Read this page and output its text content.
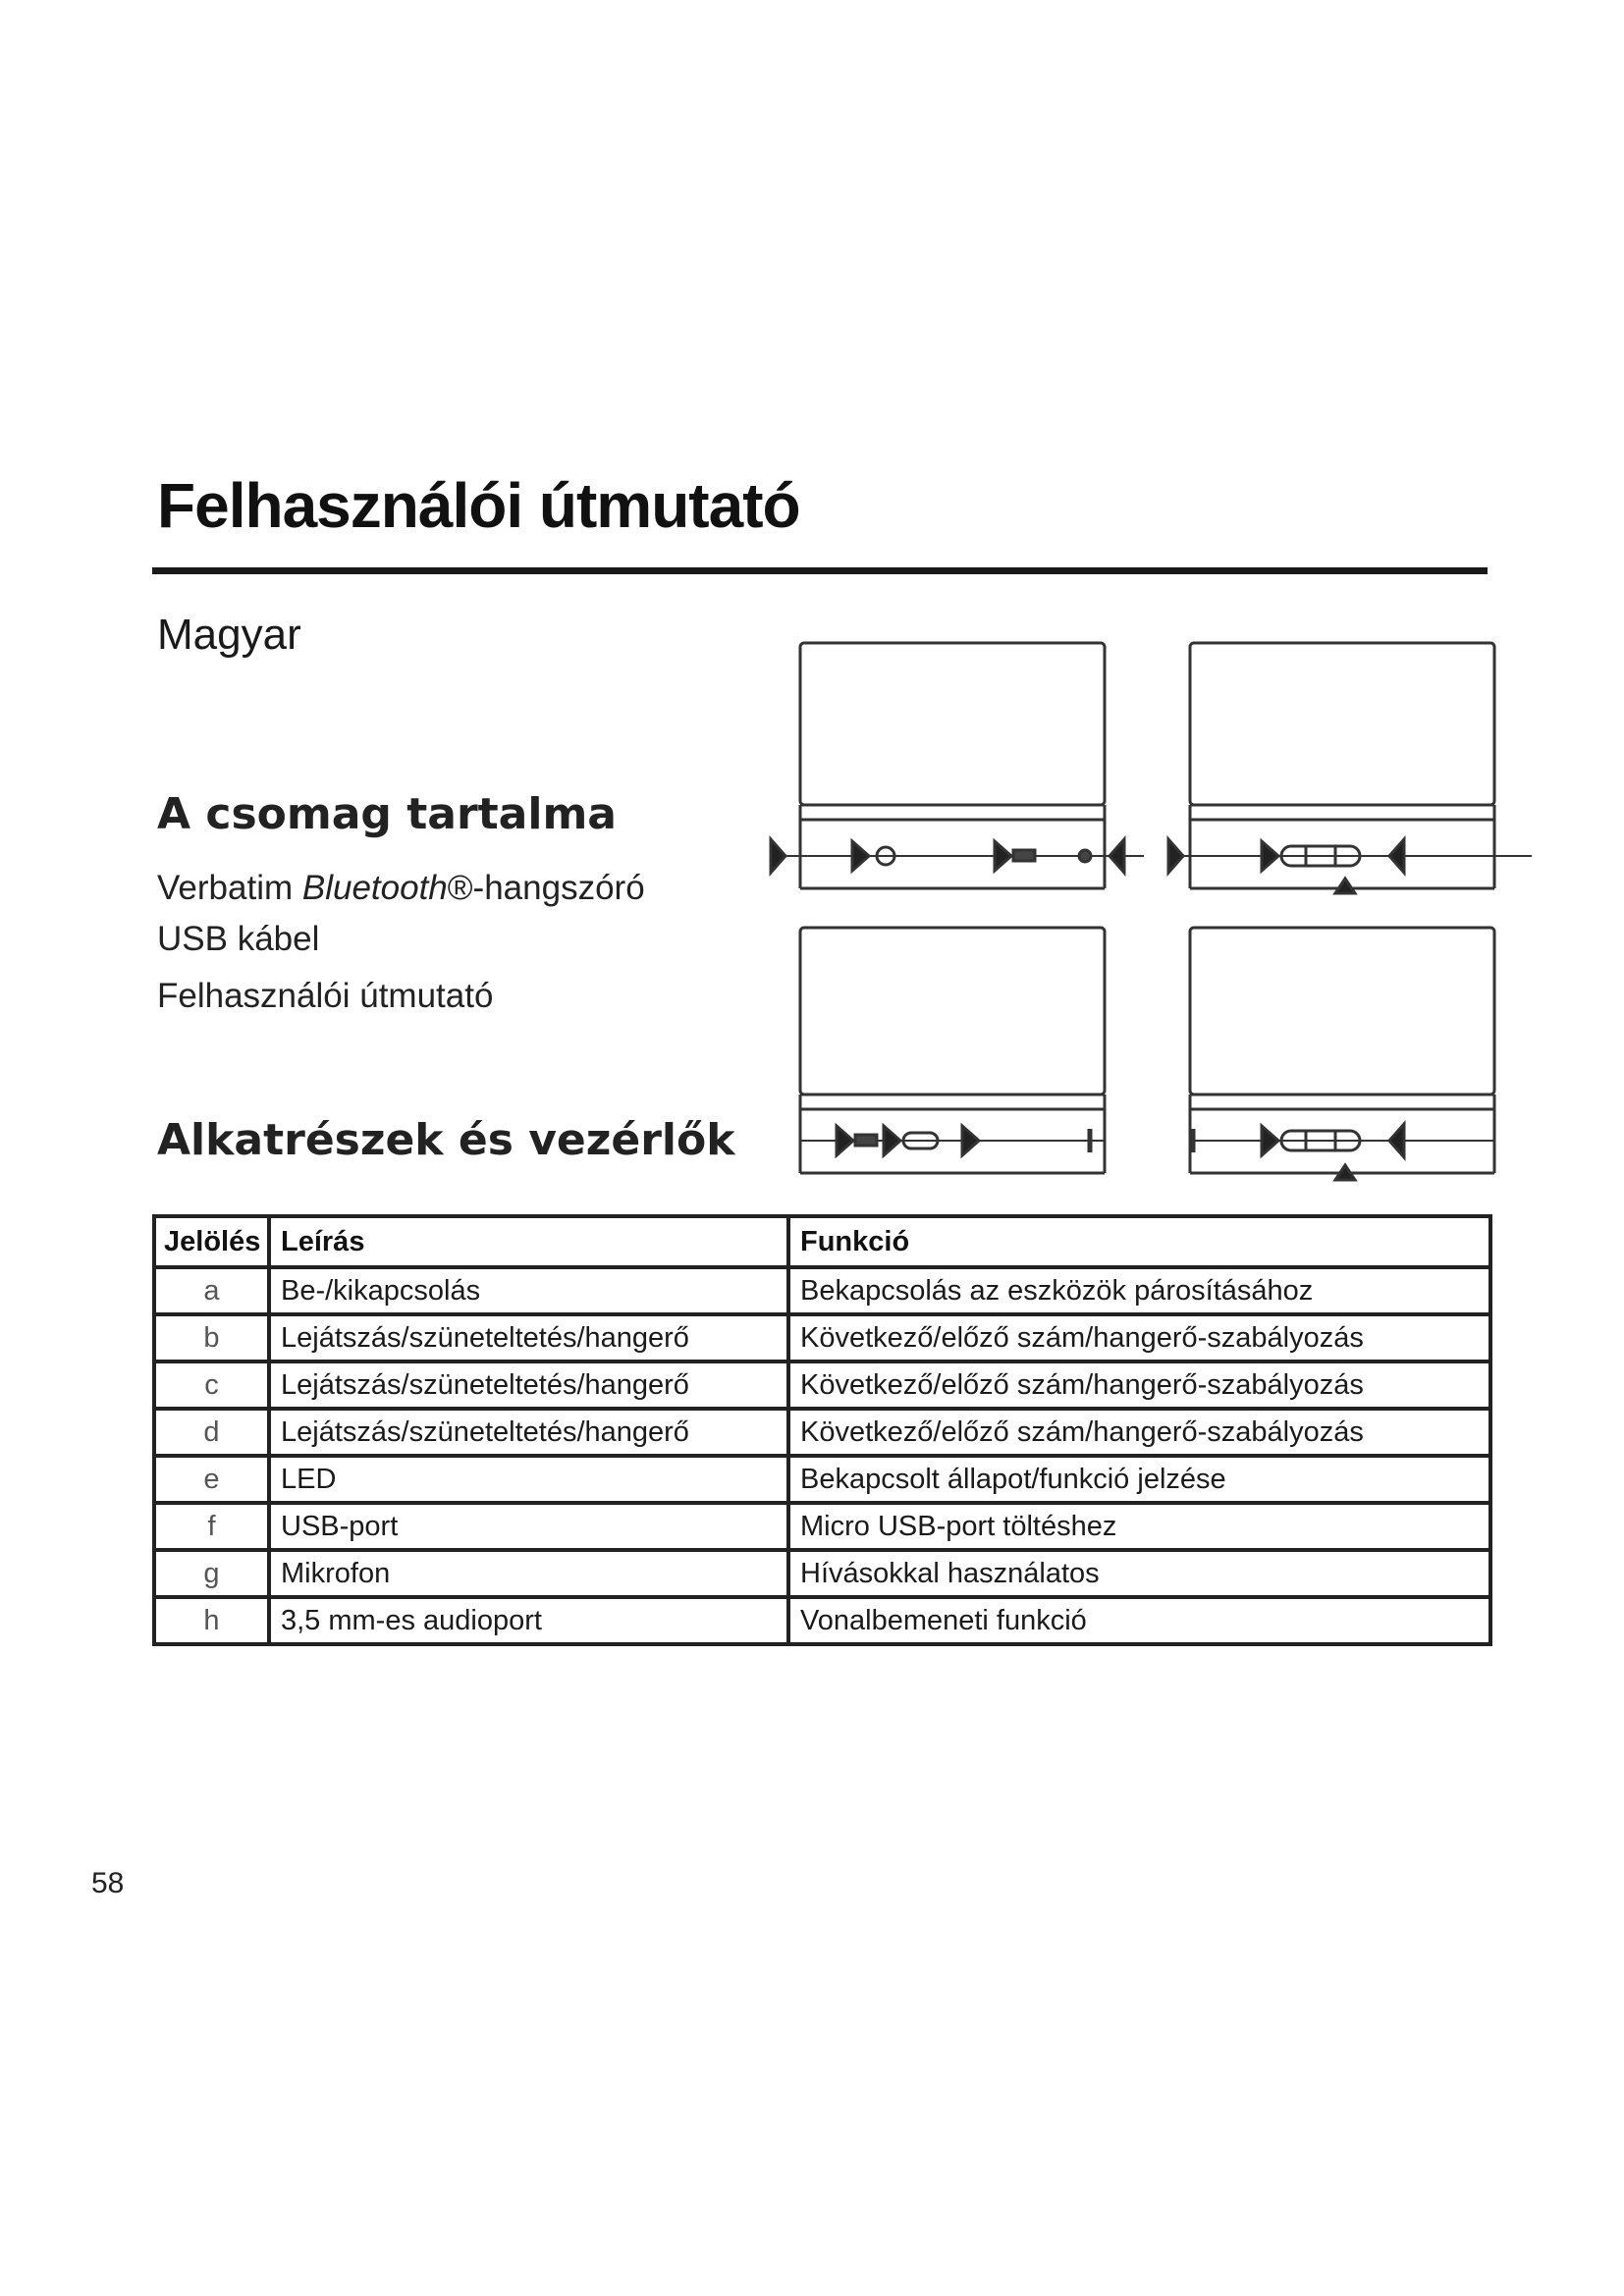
Felhasználói útmutató
Magyar
A csomag tartalma
Verbatim Bluetooth®-hangszóró
USB kábel
Felhasználói útmutató
Alkatrészek és vezérlők
Jelölés	Leírás	Funkció
a	Be-/kikapcsolás	Bekapcsolás az eszközök párosításához
b	Lejátszás/szüneteltetés/hangerő	Következő/előző szám/hangerő-szabályozás
c	Lejátszás/szüneteltetés/hangerő	Következő/előző szám/hangerő-szabályozás
d	Lejátszás/szüneteltetés/hangerő	Következő/előző szám/hangerő-szabályozás
e	LED	Bekapcsolt állapot/funkció jelzése
f	USB-port	Micro USB-port töltéshez
g	Mikrofon	Hívásokkal használatos
h	3,5 mm-es audioport	Vonalbemeneti funkció
58
